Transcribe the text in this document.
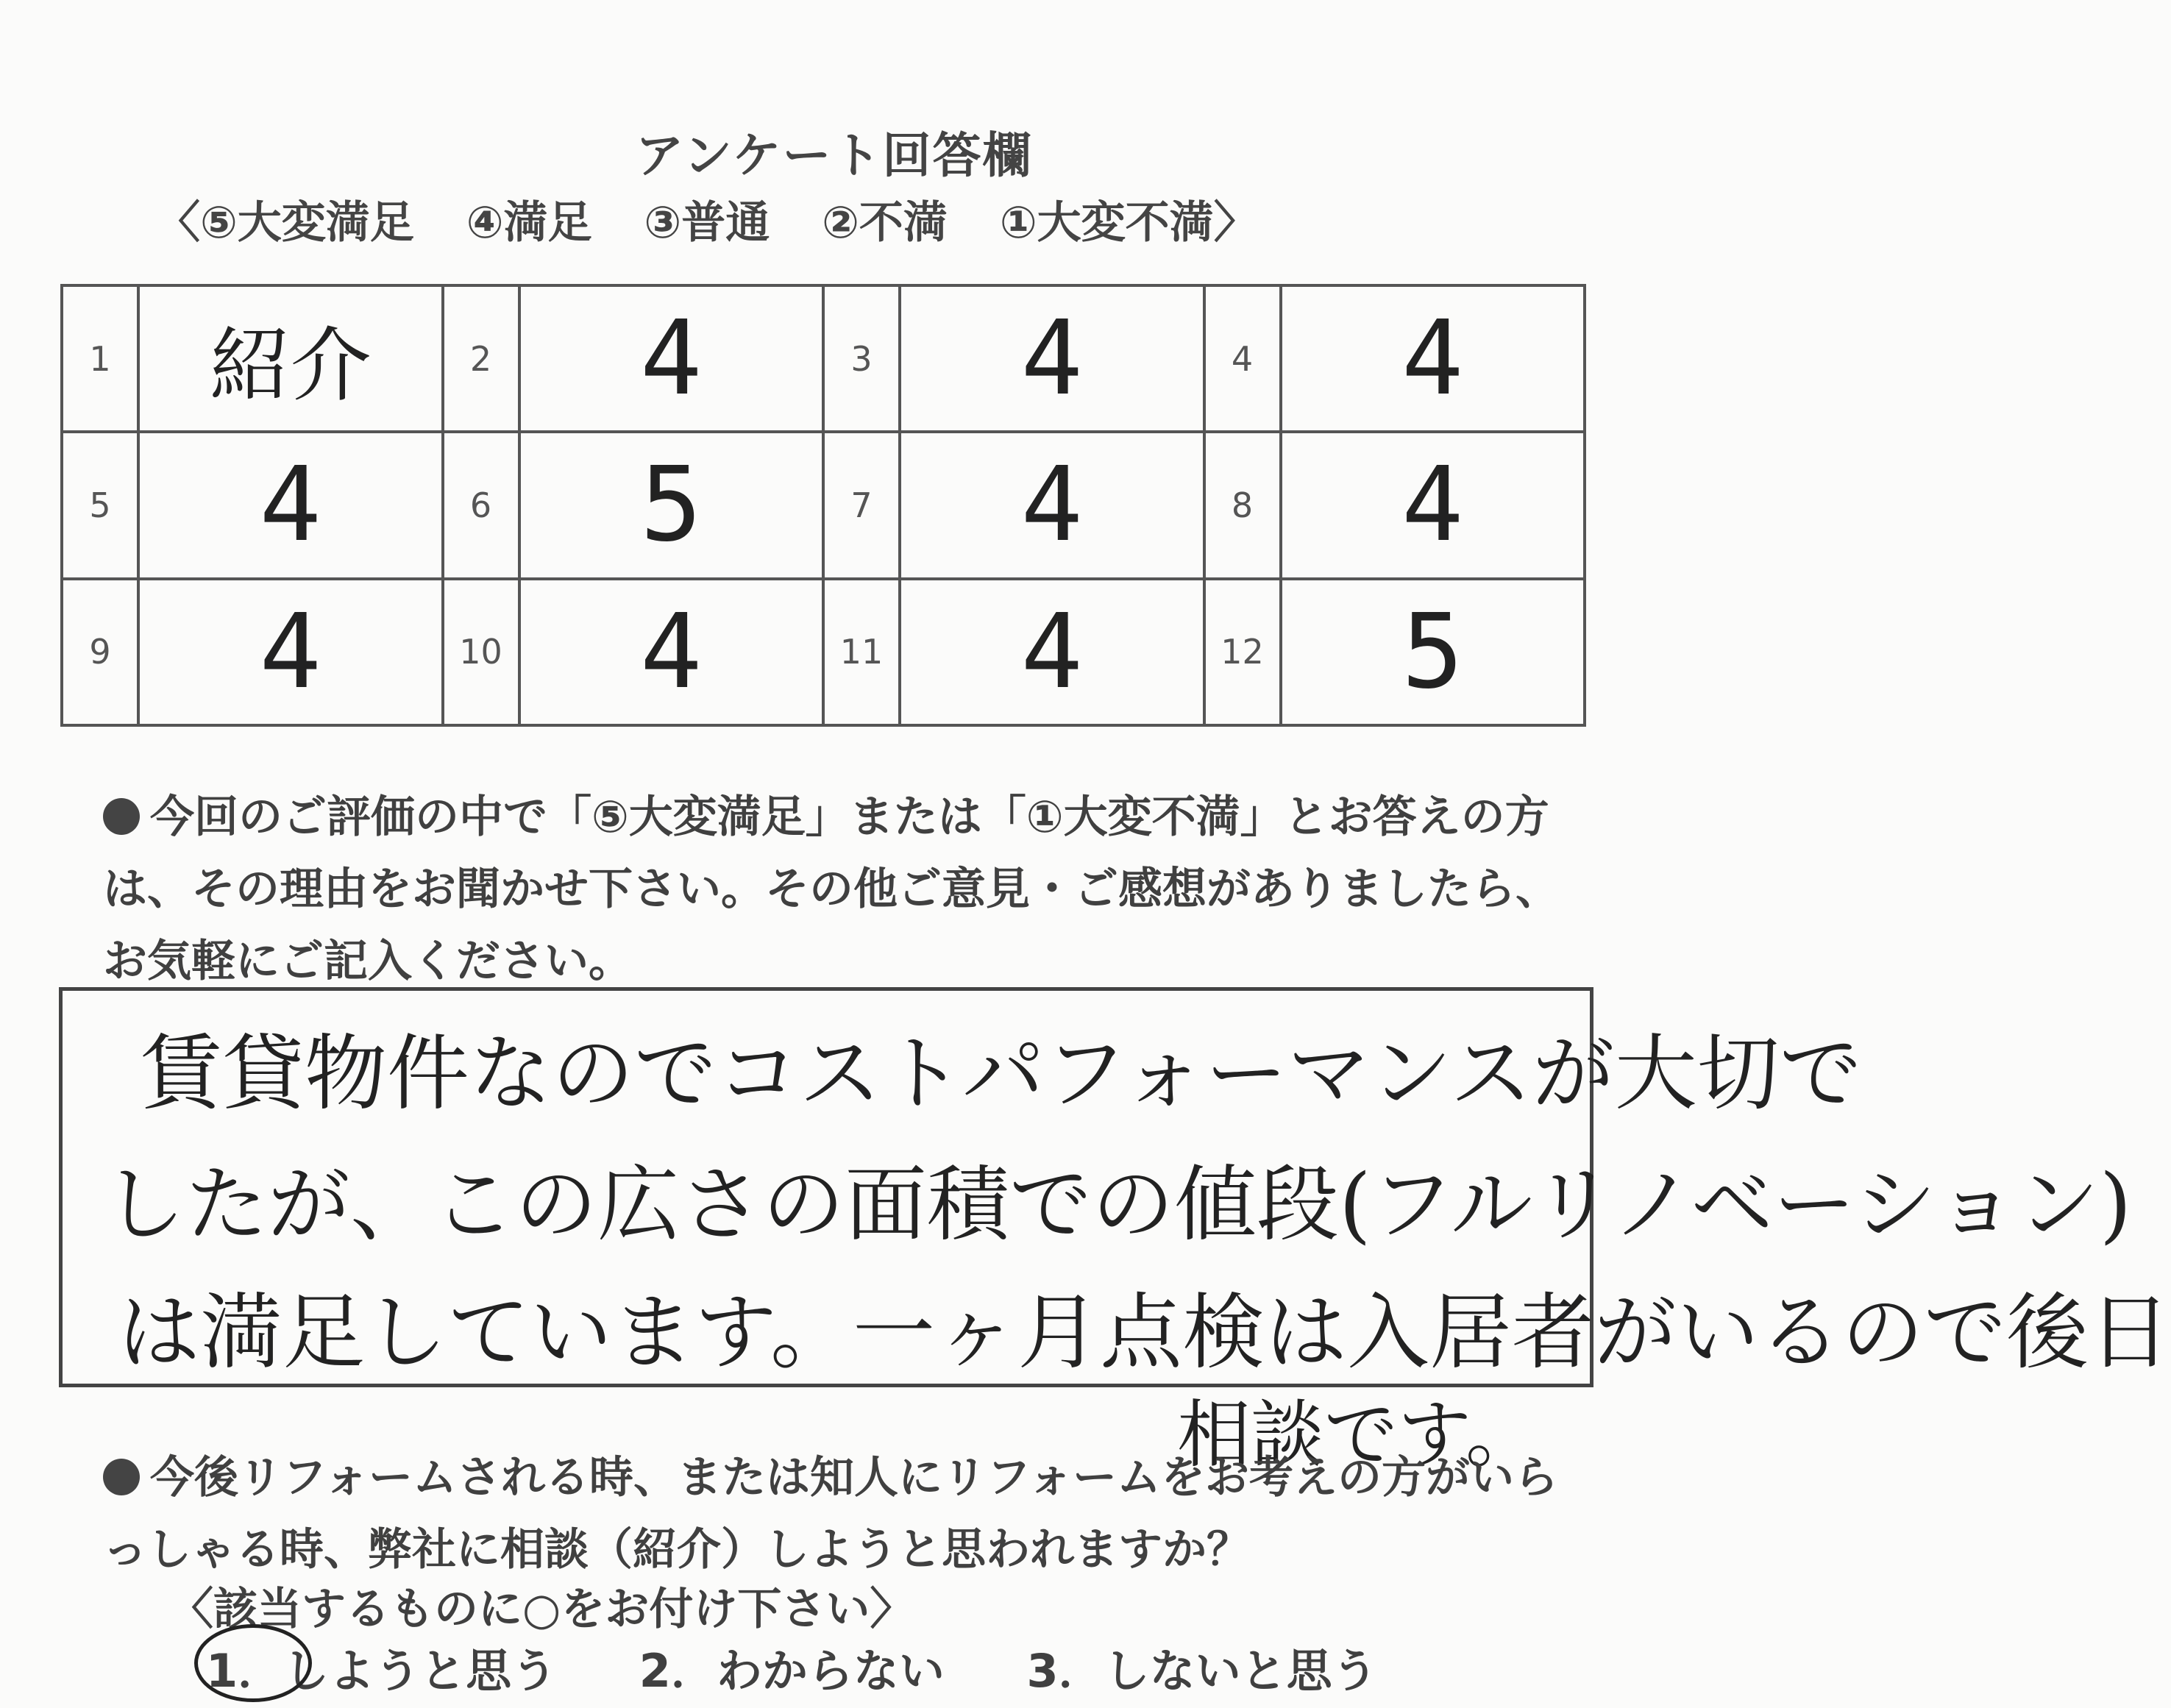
アンケート回答欄
〈⑤大変満足 ④満足 ③普通 ②不満 ①大変不満〉
1	紹介	2	4	3	4	4	4
5	4	6	5	7	4	8	4
9	4	10	4	11	4	12	5
今回のご評価の中で「⑤大変満足」または「①大変不満」とお答えの方は、その理由をお聞かせ下さい。その他ご意見・ご感想がありましたら、お気軽にご記入ください。
賃貸物件なのでコストパフォーマンスが大切で
したが、この広さの面積での値段(フルリノベーション)
は満足しています。一ヶ月点検は入居者がいるので後日
相談です。
今後リフォームされる時、または知人にリフォームをお考えの方がいらっしゃる時、弊社に相談（紹介）しようと思われますか？
〈該当するものに○をお付け下さい〉
1．しようと思う 2．わからない 3．しないと思う
